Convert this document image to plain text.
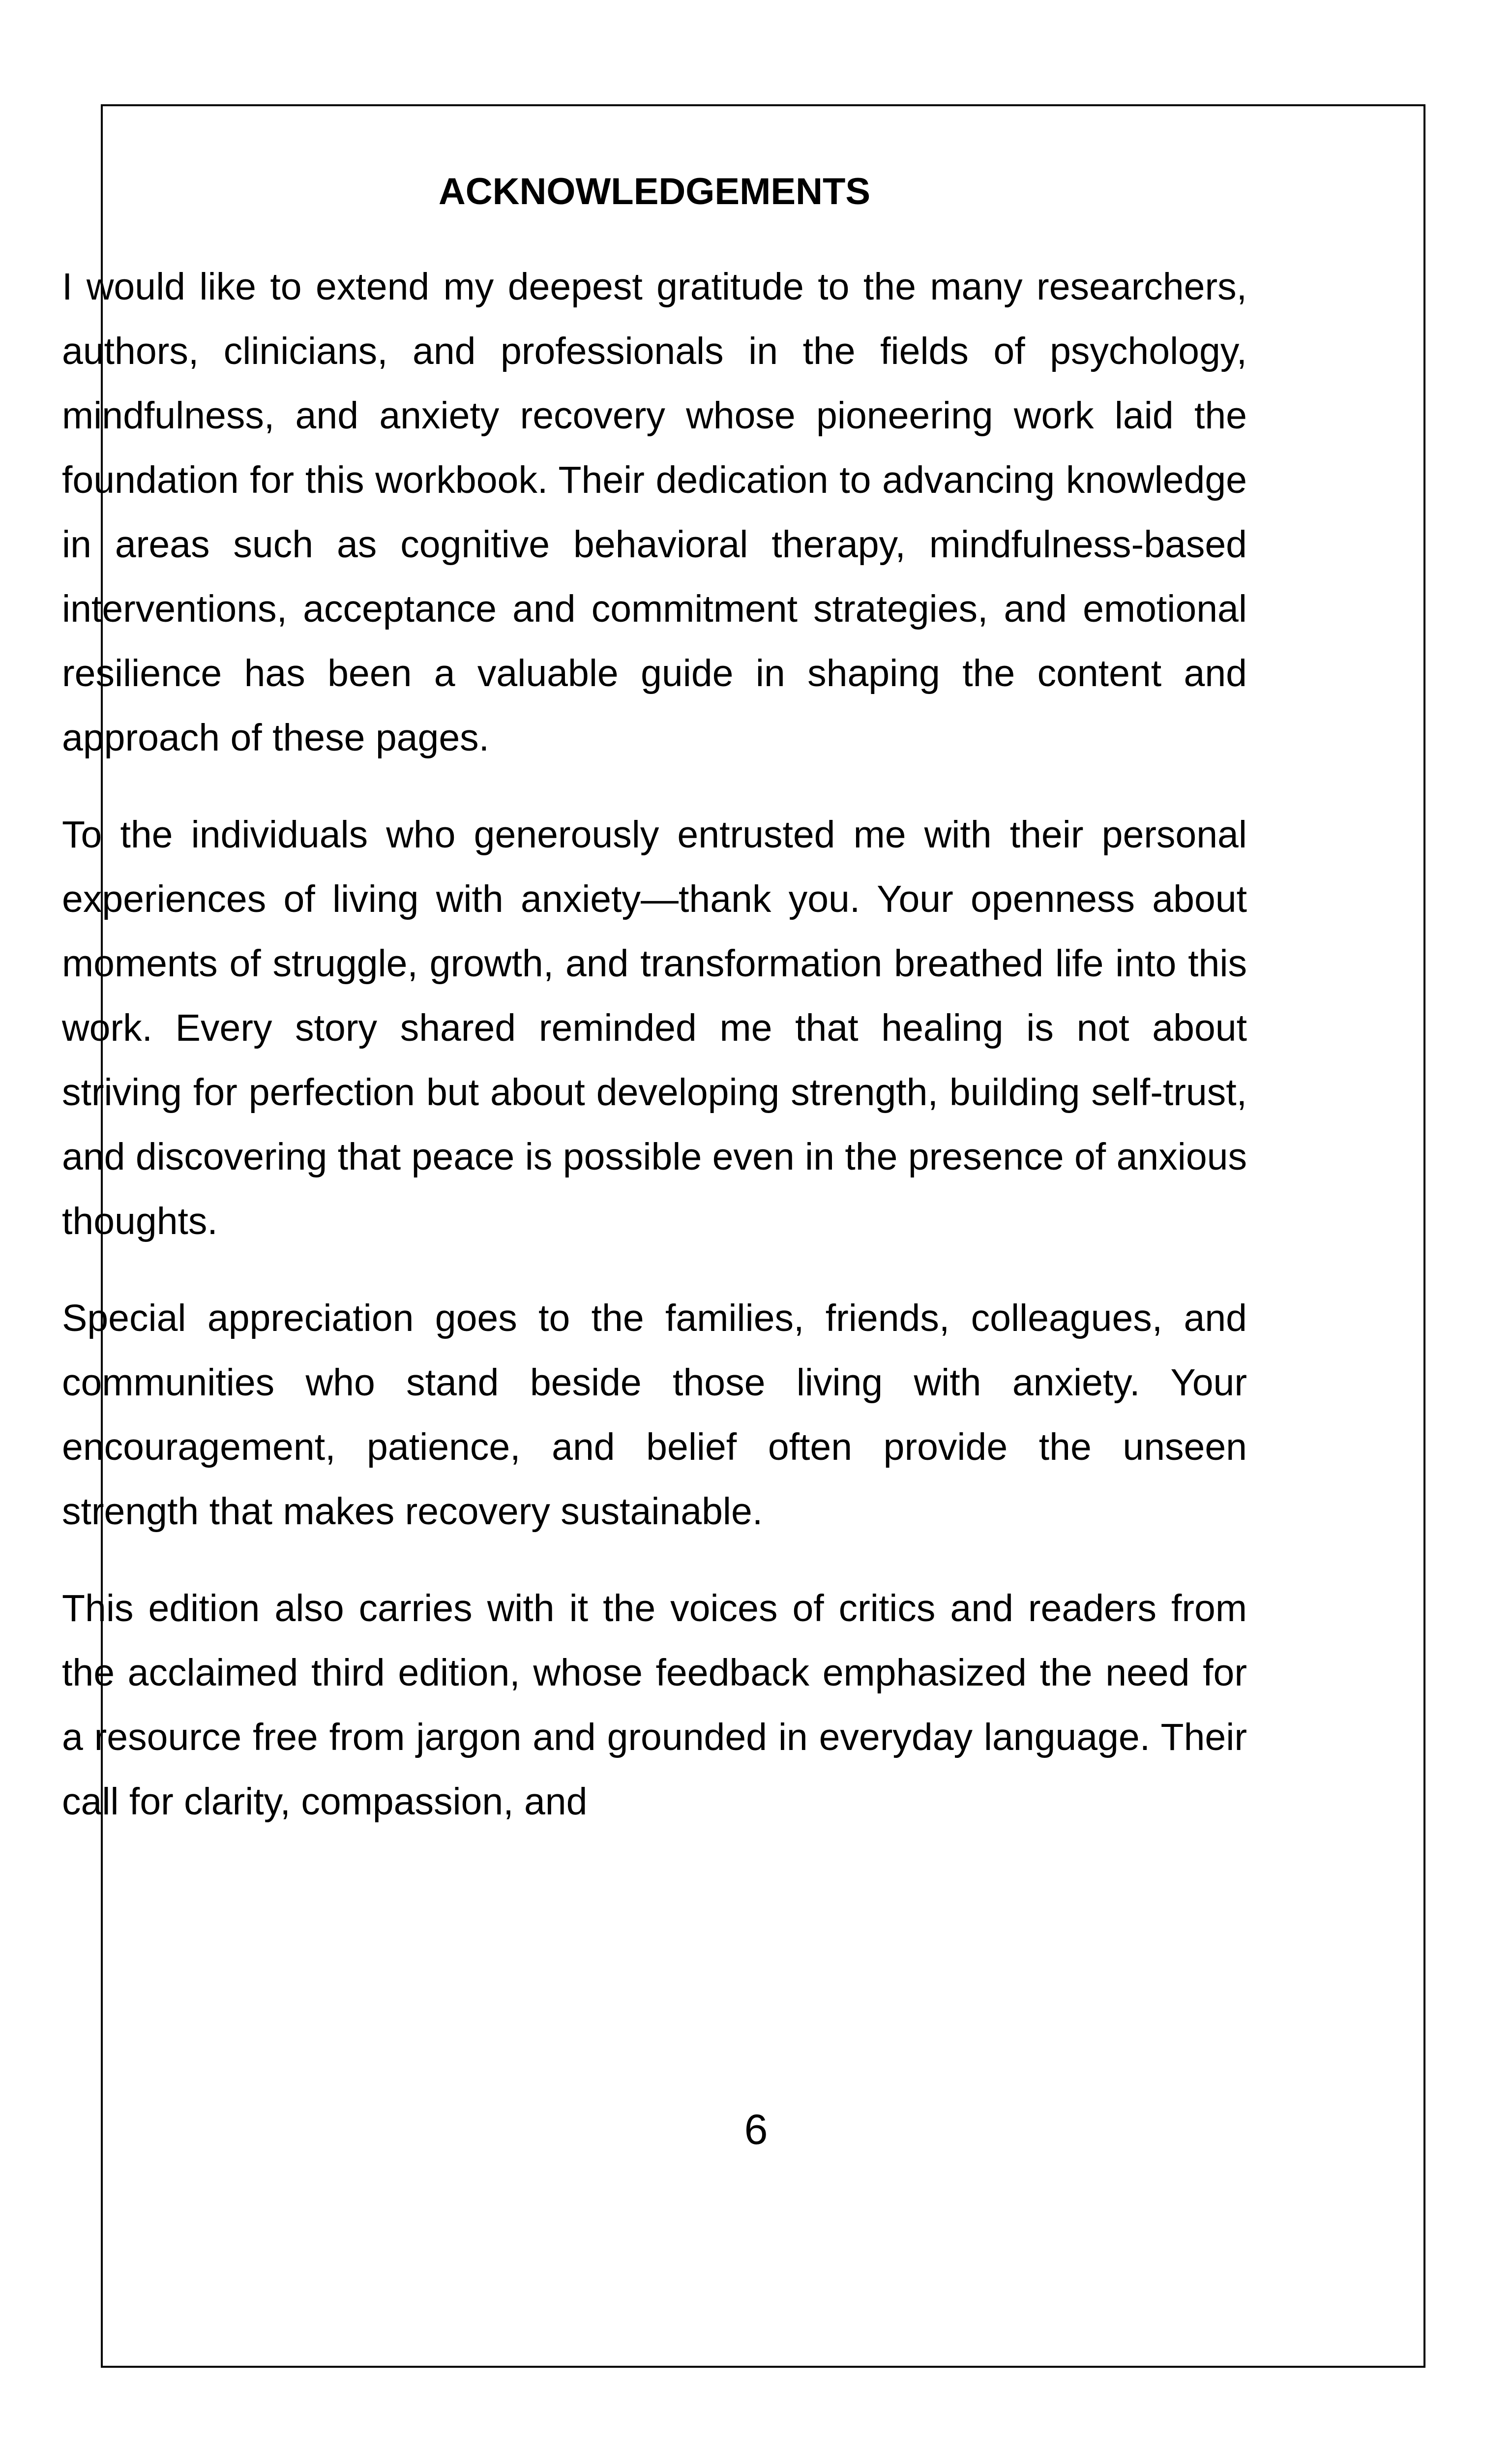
ACKNOWLEDGEMENTS

I would like to extend my deepest gratitude to the many researchers, authors, clinicians, and professionals in the fields of psychology, mindfulness, and anxiety recovery whose pioneering work laid the foundation for this workbook. Their dedication to advancing knowledge in areas such as cognitive behavioral therapy, mindfulness-based interventions, acceptance and commitment strategies, and emotional resilience has been a valuable guide in shaping the content and approach of these pages.

To the individuals who generously entrusted me with their personal experiences of living with anxiety—thank you. Your openness about moments of struggle, growth, and transformation breathed life into this work. Every story shared reminded me that healing is not about striving for perfection but about developing strength, building self-trust, and discovering that peace is possible even in the presence of anxious thoughts.

Special appreciation goes to the families, friends, colleagues, and communities who stand beside those living with anxiety. Your encouragement, patience, and belief often provide the unseen strength that makes recovery sustainable.

This edition also carries with it the voices of critics and readers from the acclaimed third edition, whose feedback emphasized the need for a resource free from jargon and grounded in everyday language. Their call for clarity, compassion, and

6
